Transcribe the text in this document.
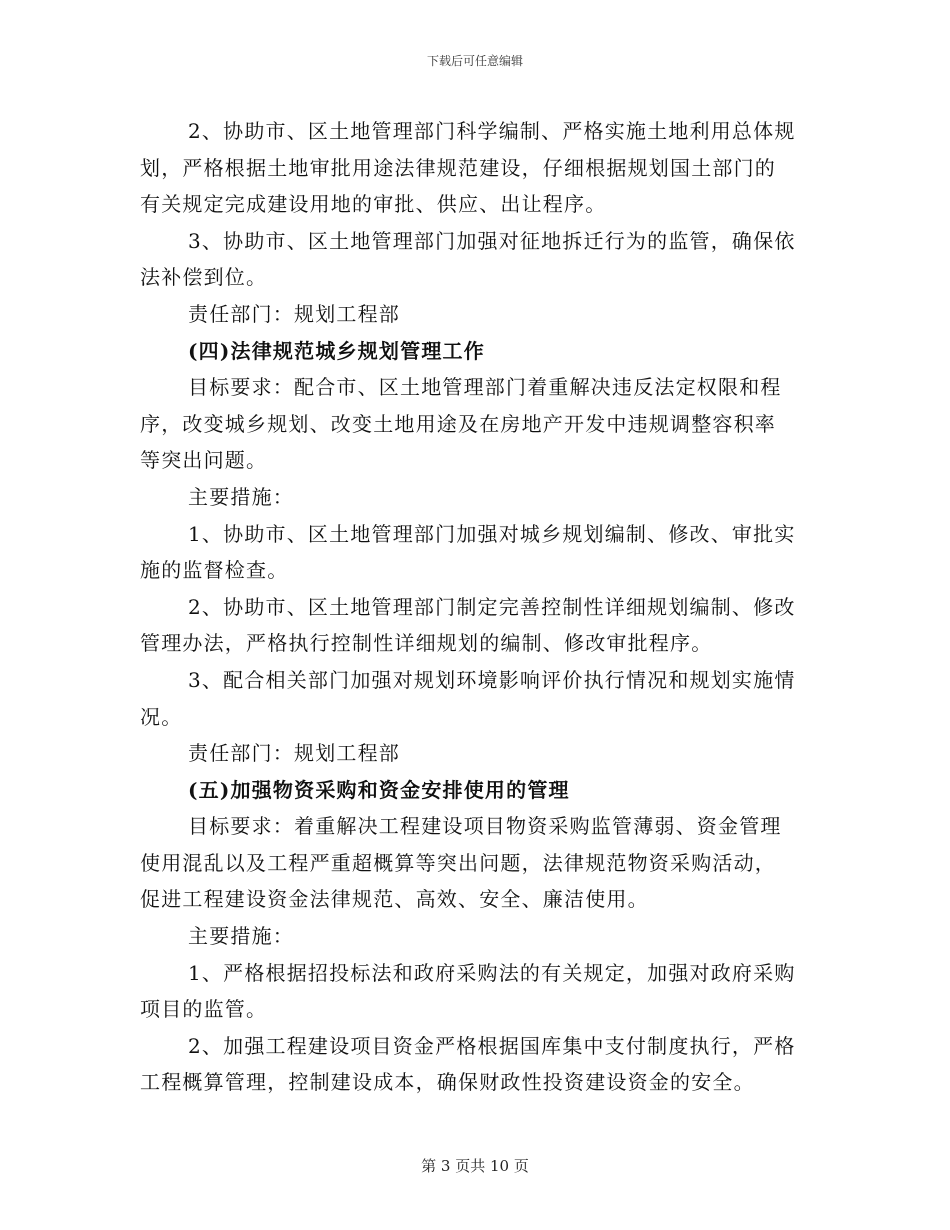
下载后可任意编辑
2、协助市、区土地管理部门科学编制、严格实施土地利用总体规
划，严格根据土地审批用途法律规范建设，仔细根据规划国土部门的
有关规定完成建设用地的审批、供应、出让程序。
3、协助市、区土地管理部门加强对征地拆迁行为的监管，确保依
法补偿到位。
责任部门：规划工程部
(四)法律规范城乡规划管理工作
目标要求：配合市、区土地管理部门着重解决违反法定权限和程
序，改变城乡规划、改变土地用途及在房地产开发中违规调整容积率
等突出问题。
主要措施：
1、协助市、区土地管理部门加强对城乡规划编制、修改、审批实
施的监督检查。
2、协助市、区土地管理部门制定完善控制性详细规划编制、修改
管理办法，严格执行控制性详细规划的编制、修改审批程序。
3、配合相关部门加强对规划环境影响评价执行情况和规划实施情
况。
责任部门：规划工程部
(五)加强物资采购和资金安排使用的管理
目标要求：着重解决工程建设项目物资采购监管薄弱、资金管理
使用混乱以及工程严重超概算等突出问题，法律规范物资采购活动，
促进工程建设资金法律规范、高效、安全、廉洁使用。
主要措施：
1、严格根据招投标法和政府采购法的有关规定，加强对政府采购
项目的监管。
2、加强工程建设项目资金严格根据国库集中支付制度执行，严格
工程概算管理，控制建设成本，确保财政性投资建设资金的安全。
第 3 页共 10 页
